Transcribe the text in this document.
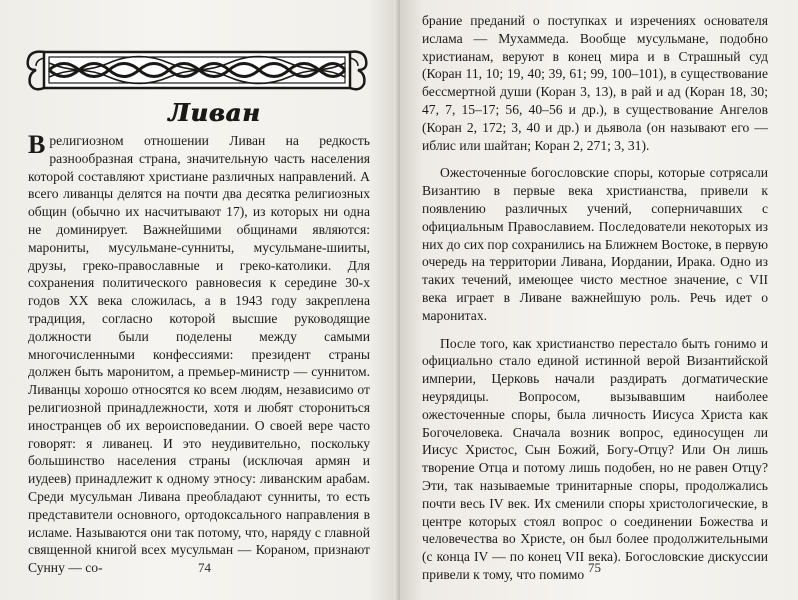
Ливан

Врелигиозном отношении Ливан на редкость разнообразная страна, значительную часть населения которой составляют христиане различных направлений. А всего ливанцы делятся на почти два десятка религиозных общин (обычно их насчитывают 17), из которых ни одна не доминирует. Важнейшими общинами являются: марониты, мусульмане-сунниты, мусульмане-шииты, друзы, греко-православные и греко-католики. Для сохранения политического равновесия к середине 30-х годов XX века сложилась, а в 1943 году закреплена традиция, согласно которой высшие руководящие должности были поделены между самыми многочисленными конфессиями: президент страны должен быть маронитом, а премьер-министр — суннитом. Ливанцы хорошо относятся ко всем людям, независимо от религиозной принадлежности, хотя и любят сторониться иностранцев об их вероисповедании. О своей вере часто говорят: я ливанец. И это неудивительно, поскольку большинство населения страны (исключая армян и иудеев) принадлежит к одному этносу: ливанским арабам. Среди мусульман Ливана преобладают сунниты, то есть представители основного, ортодоксального направления в исламе. Называются они так потому, что, наряду с главной священной книгой всех мусульман — Кораном, признают Сунну — со-	74

брание преданий о поступках и изречениях основателя ислама — Мухаммеда. Вообще мусульмане, подобно христианам, веруют в конец мира и в Страшный суд (Коран 11, 10; 19, 40; 39, 61; 99, 100–101), в существование бессмертной души (Коран 3, 13), в рай и ад (Коран 18, 30; 47, 7, 15–17; 56, 40–56 и др.), в существование Ангелов (Коран 2, 172; 3, 40 и др.) и дьявола (он называют его — иблис или шайтан; Коран 2, 271; 3, 31).

Ожесточенные богословские споры, которые сотрясали Византию в первые века христианства, привели к появлению различных учений, соперничавших с официальным Православием. Последователи некоторых из них до сих пор сохранились на Ближнем Востоке, в первую очередь на территории Ливана, Иордании, Ирака. Одно из таких течений, имеющее чисто местное значение, с VII века играет в Ливане важнейшую роль. Речь идет о маронитах.

После того, как христианство перестало быть гонимо и официально стало единой истинной верой Византийской империи, Церковь начали раздирать догматические неурядицы. Вопросом, вызывавшим наиболее ожесточенные споры, была личность Иисуса Христа как Богочеловека. Сначала возник вопрос, единосущен ли Иисус Христос, Сын Божий, Богу-Отцу? Или Он лишь творение Отца и потому лишь подобен, но не равен Отцу? Эти, так называемые тринитарные споры, продолжались почти весь IV век. Их сменили споры христологические, в центре которых стоял вопрос о соединении Божества и человечества во Христе, он был более продолжительными (с конца IV — по конец VII века). Богословские дискуссии привели к тому, что помимо 75
